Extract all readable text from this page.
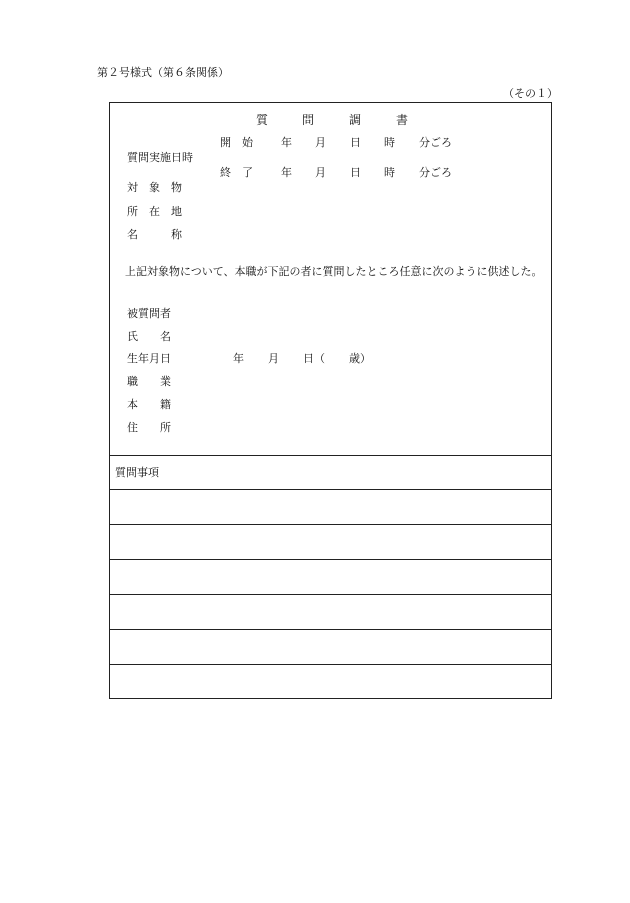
第２号様式（第６条関係）
（その１）
質	問	調	書
質問実施日時
開　始	年 月 日 時 分ごろ
終　了	年 月 日 時 分ごろ
対　象　物
所　在　地
名　　　称
上記対象物について、本職が下記の者に質問したところ任意に次のように供述した。
被質問者
氏　　名
生年月日	年 月 日（ 歳）
職　　業
本　　籍
住　　所
質問事項
